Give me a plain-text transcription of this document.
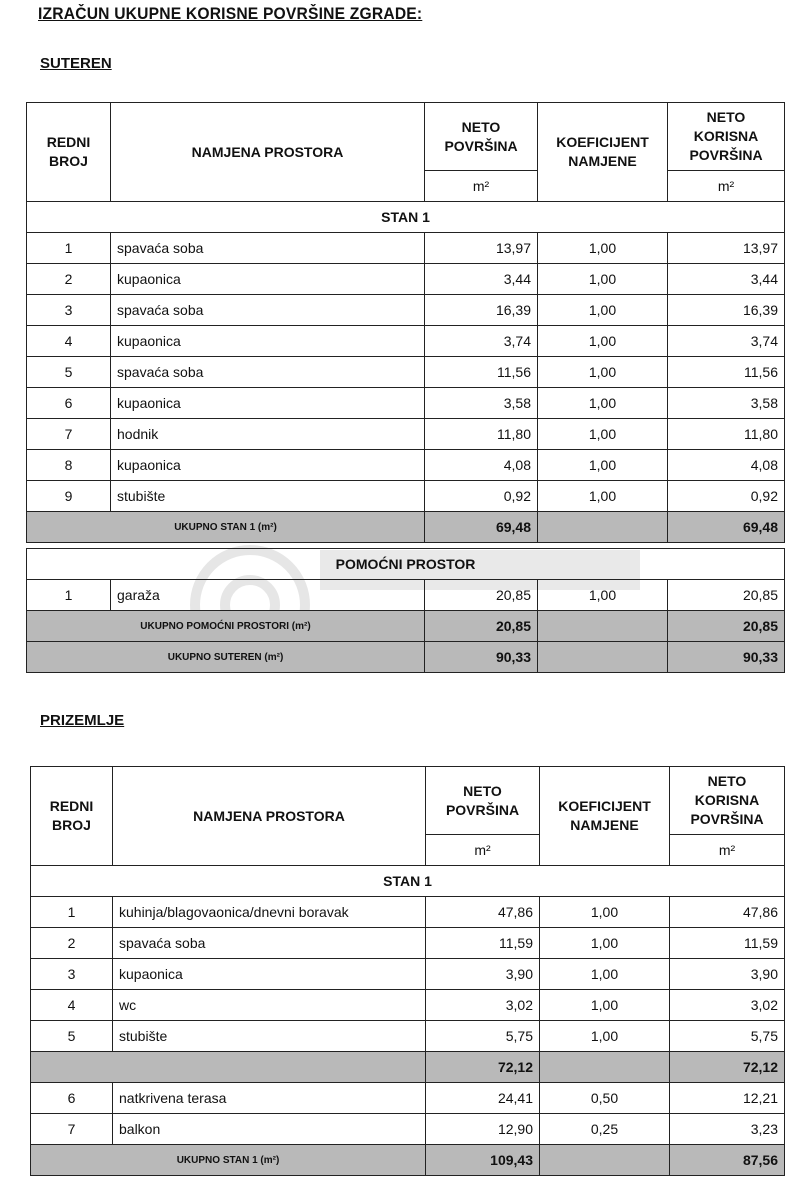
IZRAČUN UKUPNE KORISNE POVRŠINE ZGRADE:
SUTEREN
REDNI BROJ	NAMJENA PROSTORA	NETO POVRŠINA	KOEFICIJENT NAMJENE	NETO KORISNA POVRŠINA
		m²		m²
STAN 1				
1	spavaća soba	13,97	1,00	13,97
2	kupaonica	3,44	1,00	3,44
3	spavaća soba	16,39	1,00	16,39
4	kupaonica	3,74	1,00	3,74
5	spavaća soba	11,56	1,00	11,56
6	kupaonica	3,58	1,00	3,58
7	hodnik	11,80	1,00	11,80
8	kupaonica	4,08	1,00	4,08
9	stubište	0,92	1,00	0,92
UKUPNO STAN 1 (m²)		69,48		69,48

POMOĆNI PROSTOR				
1	garaža	20,85	1,00	20,85
UKUPNO POMOĆNI PROSTORI (m²)		20,85		20,85
UKUPNO SUTEREN (m²)		90,33		90,33
PRIZEMLJE
REDNI BROJ	NAMJENA PROSTORA	NETO POVRŠINA	KOEFICIJENT NAMJENE	NETO KORISNA POVRŠINA
		m²		m²
STAN 1				
1	kuhinja/blagovaonica/dnevni boravak	47,86	1,00	47,86
2	spavaća soba	11,59	1,00	11,59
3	kupaonica	3,90	1,00	3,90
4	wc	3,02	1,00	3,02
5	stubište	5,75	1,00	5,75
		72,12		72,12
6	natkrivena terasa	24,41	0,50	12,21
7	balkon	12,90	0,25	3,23
UKUPNO STAN 1 (m²)		109,43		87,56
